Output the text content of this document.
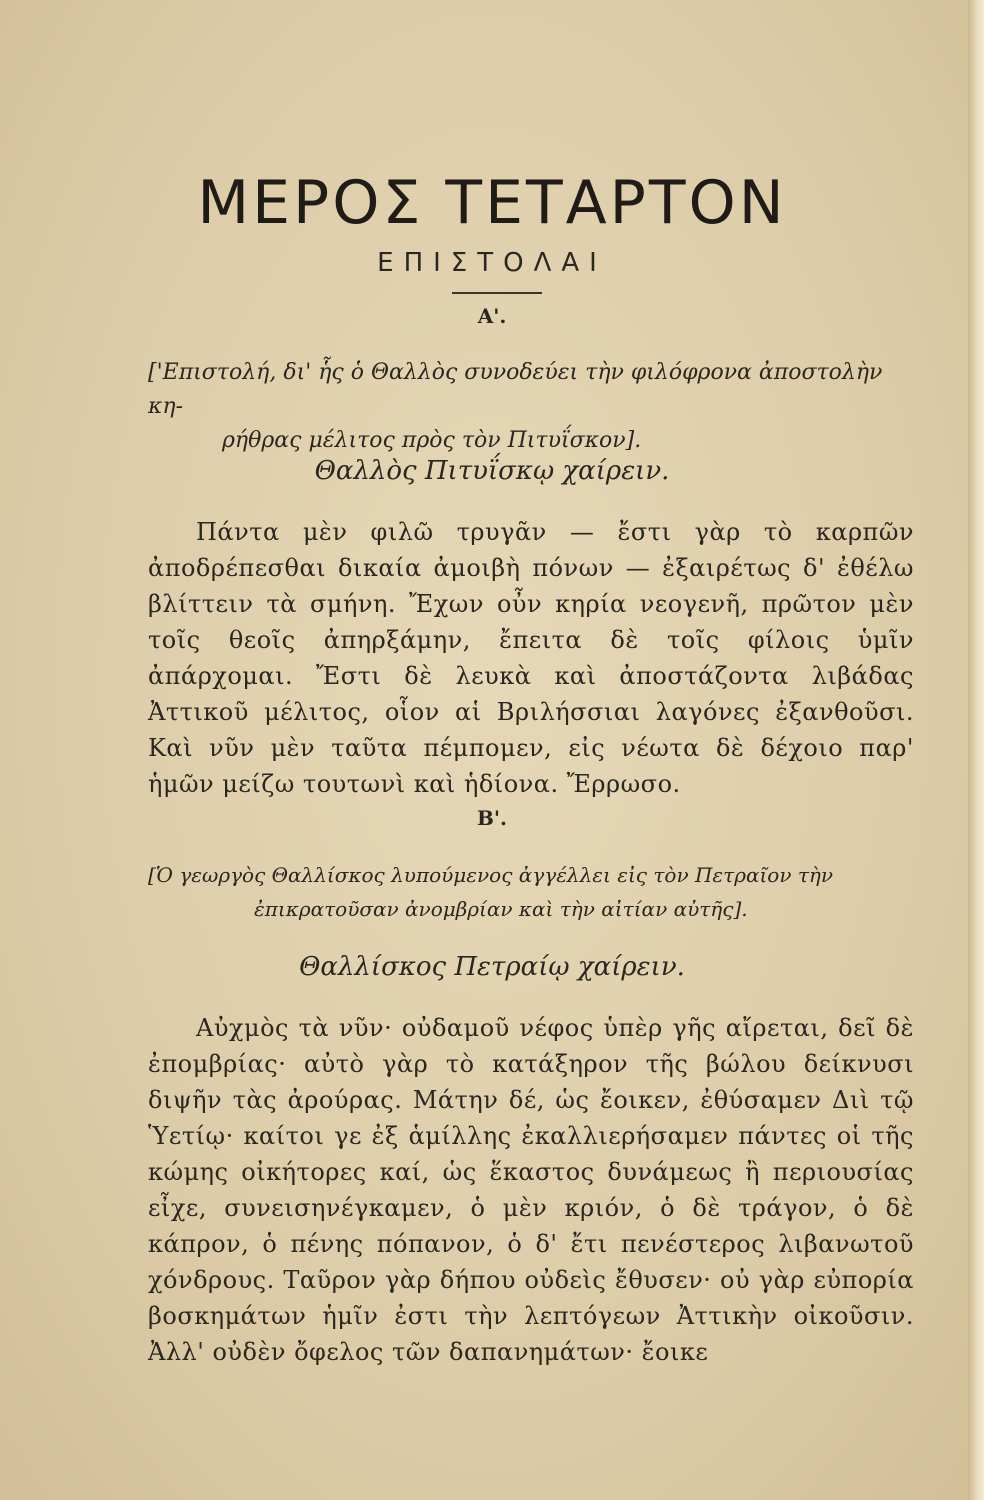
ΜΕΡΟΣ ΤΕΤΑΡΤΟΝ
ΕΠΙΣΤΟΛΑΙ
Α'.

['Επιστολή, δι' ἧς ὁ Θαλλὸς συνοδεύει τὴν φιλόφρονα ἀποστολὴν κη-
ρήθρας μέλιτος πρὸς τὸν Πιτυΐσκον].

Θαλλὸς Πιτυΐσκῳ χαίρειν.

Πάντα μὲν φιλῶ τρυγᾶν — ἔστι γὰρ τὸ καρπῶν ἀποδρέπεσθαι δικαία ἀμοιβὴ πόνων — ἐξαιρέτως δ' ἐθέλω βλίττειν τὰ σμήνη. Ἔχων οὖν κηρία νεογενῆ, πρῶτον μὲν τοῖς θεοῖς ἀπηρξάμην, ἔπειτα δὲ τοῖς φίλοις ὑμῖν ἀπάρχομαι. Ἔστι δὲ λευκὰ καὶ ἀποστάζοντα λιβάδας Ἀττικοῦ μέλιτος, οἷον αἱ Βριλήσσιαι λαγόνες ἐξανθοῦσι. Καὶ νῦν μὲν ταῦτα πέμπομεν, εἰς νέωτα δὲ δέχοιο παρ' ἡμῶν μείζω τουτωνὶ καὶ ἡδίονα. Ἔρρωσο.

Β'.

[Ὁ γεωργὸς Θαλλίσκος λυπούμενος ἀγγέλλει εἰς τὸν Πετραῖον τὴν
ἐπικρατοῦσαν ἀνομβρίαν καὶ τὴν αἰτίαν αὐτῆς].

Θαλλίσκος Πετραίῳ χαίρειν.

Αὐχμὸς τὰ νῦν· οὐδαμοῦ νέφος ὑπὲρ γῆς αἴρεται, δεῖ δὲ ἐπομβρίας· αὐτὸ γὰρ τὸ κατάξηρον τῆς βώλου δείκνυσι διψῆν τὰς ἀρούρας. Μάτην δέ, ὡς ἔοικεν, ἐθύσαμεν Διὶ τῷ Ὑετίῳ· καίτοι γε ἐξ ἁμίλλης ἐκαλλιερήσαμεν πάντες οἱ τῆς κώμης οἰκήτορες καί, ὡς ἕκαστος δυνάμεως ἢ περιουσίας εἶχε, συνεισηνέγκαμεν, ὁ μὲν κριόν, ὁ δὲ τράγον, ὁ δὲ κάπρον, ὁ πένης πόπανον, ὁ δ' ἔτι πενέστερος λιβανωτοῦ χόνδρους. Ταῦρον γὰρ δήπου οὐδεὶς ἔθυσεν· οὐ γὰρ εὐπορία βοσκημάτων ἡμῖν ἐστι τὴν λεπτόγεων Ἀττικὴν οἰκοῦσιν. Ἀλλ' οὐδὲν ὄφελος τῶν δαπανημάτων· ἔοικε
